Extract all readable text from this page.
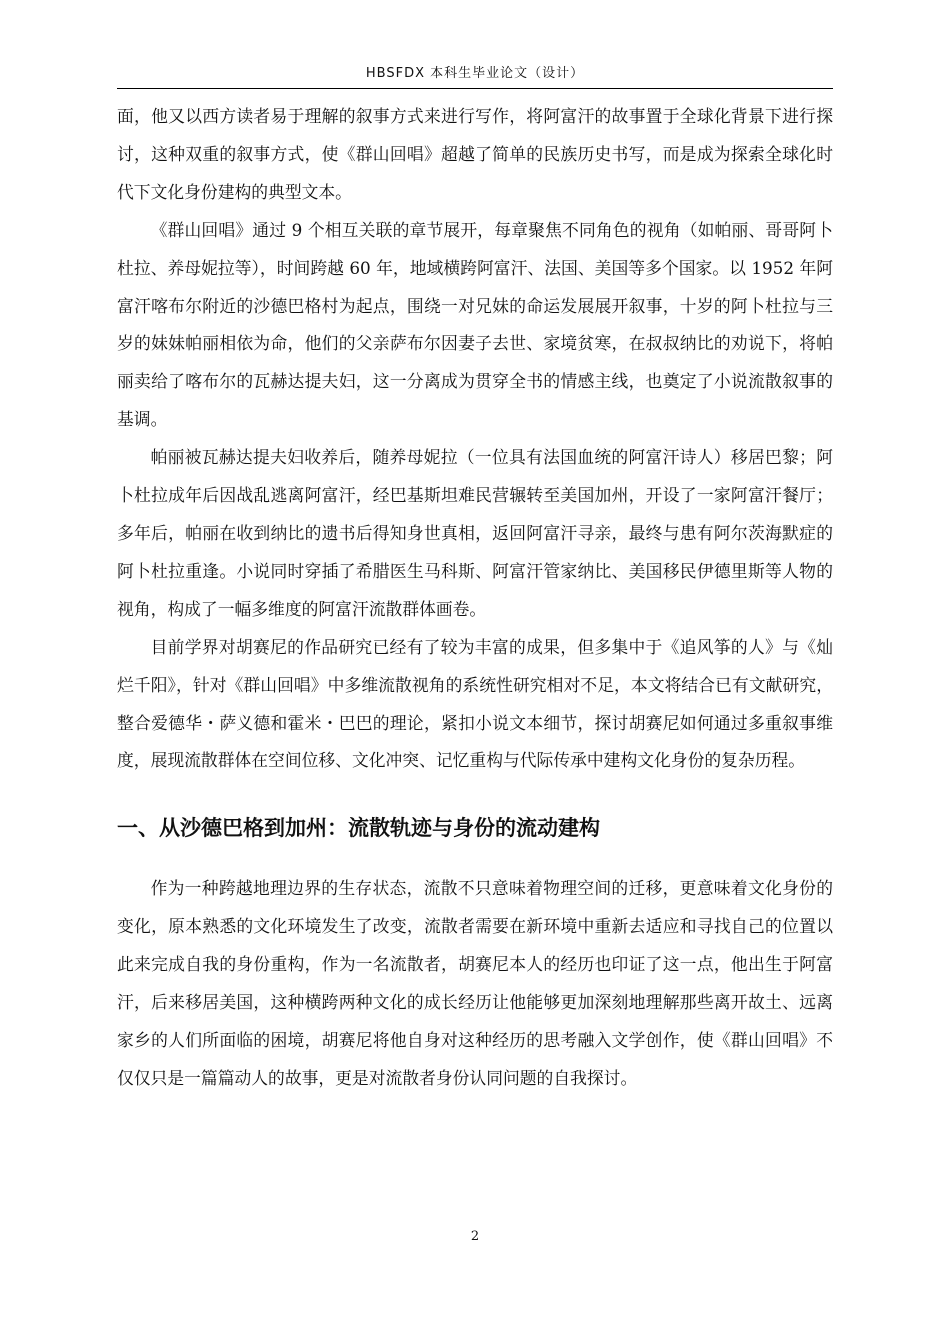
HBSFDX 本科生毕业论文（设计）

面，他又以西方读者易于理解的叙事方式来进行写作，将阿富汗的故事置于全球化背景下进行探讨，这种双重的叙事方式，使《群山回唱》超越了简单的民族历史书写，而是成为探索全球化时代下文化身份建构的典型文本。

《群山回唱》通过 9 个相互关联的章节展开，每章聚焦不同角色的视角（如帕丽、哥哥阿卜杜拉、养母妮拉等），时间跨越 60 年，地域横跨阿富汗、法国、美国等多个国家。以 1952 年阿富汗喀布尔附近的沙德巴格村为起点，围绕一对兄妹的命运发展展开叙事，十岁的阿卜杜拉与三岁的妹妹帕丽相依为命，他们的父亲萨布尔因妻子去世、家境贫寒，在叔叔纳比的劝说下，将帕丽卖给了喀布尔的瓦赫达提夫妇，这一分离成为贯穿全书的情感主线，也奠定了小说流散叙事的基调。

帕丽被瓦赫达提夫妇收养后，随养母妮拉（一位具有法国血统的阿富汗诗人）移居巴黎；阿卜杜拉成年后因战乱逃离阿富汗，经巴基斯坦难民营辗转至美国加州，开设了一家阿富汗餐厅；多年后，帕丽在收到纳比的遗书后得知身世真相，返回阿富汗寻亲，最终与患有阿尔茨海默症的阿卜杜拉重逢。小说同时穿插了希腊医生马科斯、阿富汗管家纳比、美国移民伊德里斯等人物的视角，构成了一幅多维度的阿富汗流散群体画卷。

目前学界对胡赛尼的作品研究已经有了较为丰富的成果，但多集中于《追风筝的人》与《灿烂千阳》，针对《群山回唱》中多维流散视角的系统性研究相对不足，本文将结合已有文献研究，整合爱德华・萨义德和霍米・巴巴的理论，紧扣小说文本细节，探讨胡赛尼如何通过多重叙事维度，展现流散群体在空间位移、文化冲突、记忆重构与代际传承中建构文化身份的复杂历程。

一、从沙德巴格到加州：流散轨迹与身份的流动建构

作为一种跨越地理边界的生存状态，流散不只意味着物理空间的迁移，更意味着文化身份的变化，原本熟悉的文化环境发生了改变，流散者需要在新环境中重新去适应和寻找自己的位置以此来完成自我的身份重构，作为一名流散者，胡赛尼本人的经历也印证了这一点，他出生于阿富汗，后来移居美国，这种横跨两种文化的成长经历让他能够更加深刻地理解那些离开故土、远离家乡的人们所面临的困境，胡赛尼将他自身对这种经历的思考融入文学创作，使《群山回唱》不仅仅只是一篇篇动人的故事，更是对流散者身份认同问题的自我探讨。

2
